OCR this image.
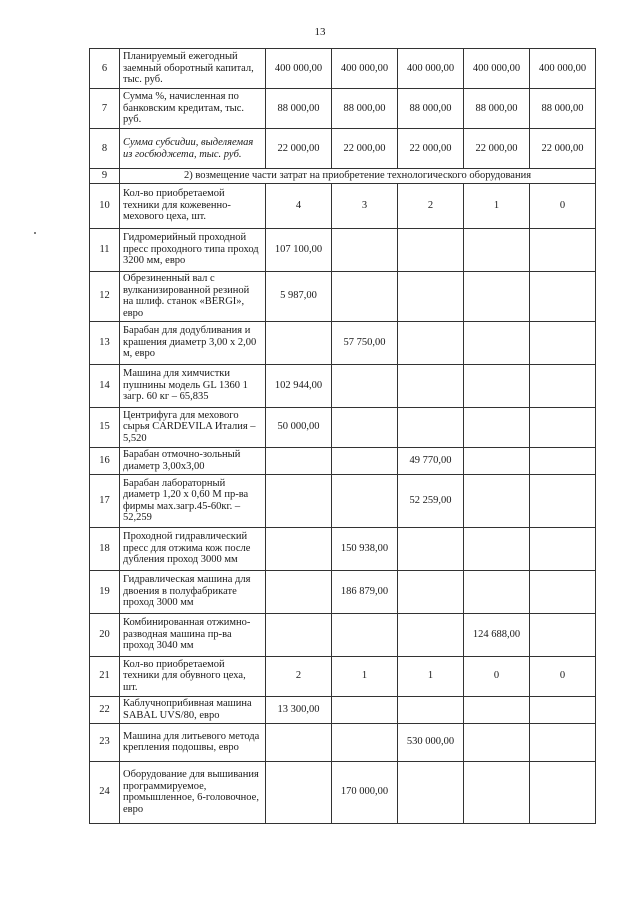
13
6	Планируемый ежегодный заемный оборотный капитал, тыс. руб.	400 000,00	400 000,00	400 000,00	400 000,00	400 000,00
7	Сумма %, начисленная по банковским кредитам, тыс. руб.	88 000,00	88 000,00	88 000,00	88 000,00	88 000,00
8	Сумма субсидии, выделяемая из госбюджета, тыс. руб.	22 000,00	22 000,00	22 000,00	22 000,00	22 000,00
9	2) возмещение части затрат на приобретение технологического оборудования					
10	Кол-во приобретаемой техники для кожевенно-мехового цеха, шт.	4	3	2	1	0
11	Гидромерийный проходной пресс проходного типа проход 3200 мм, евро	107 100,00				
12	Обрезиненный вал с вулканизированной резиной на шлиф. станок «BERGI», евро	5 987,00				
13	Барабан для додубливания и крашения диаметр 3,00 х 2,00 м, евро		57 750,00			
14	Машина для химчистки пушнины модель GL 1360 1 загр. 60 кг – 65,835	102 944,00				
15	Центрифуга для мехового сырья CARDEVILA Италия – 5,520	50 000,00				
16	Барабан отмочно-зольный диаметр 3,00х3,00			49 770,00		
17	Барабан лабораторный диаметр 1,20 х 0,60 М пр-ва фирмы мах.загр.45-60кг. – 52,259			52 259,00		
18	Проходной гидравлический пресс для отжима кож после дубления проход 3000 мм		150 938,00			
19	Гидравлическая машина для двоения в полуфабрикате проход 3000 мм		186 879,00			
20	Комбинированная отжимно-разводная машина пр-ва проход 3040 мм				124 688,00	
21	Кол-во приобретаемой техники для обувного цеха, шт.	2	1	1	0	0
22	Каблучноприбивная машина SABAL UVS/80, евро	13 300,00				
23	Машина для литьевого метода крепления подошвы, евро			530 000,00		
24	Оборудование для вышивания программируемое, промышленное, 6-головочное, евро		170 000,00			
